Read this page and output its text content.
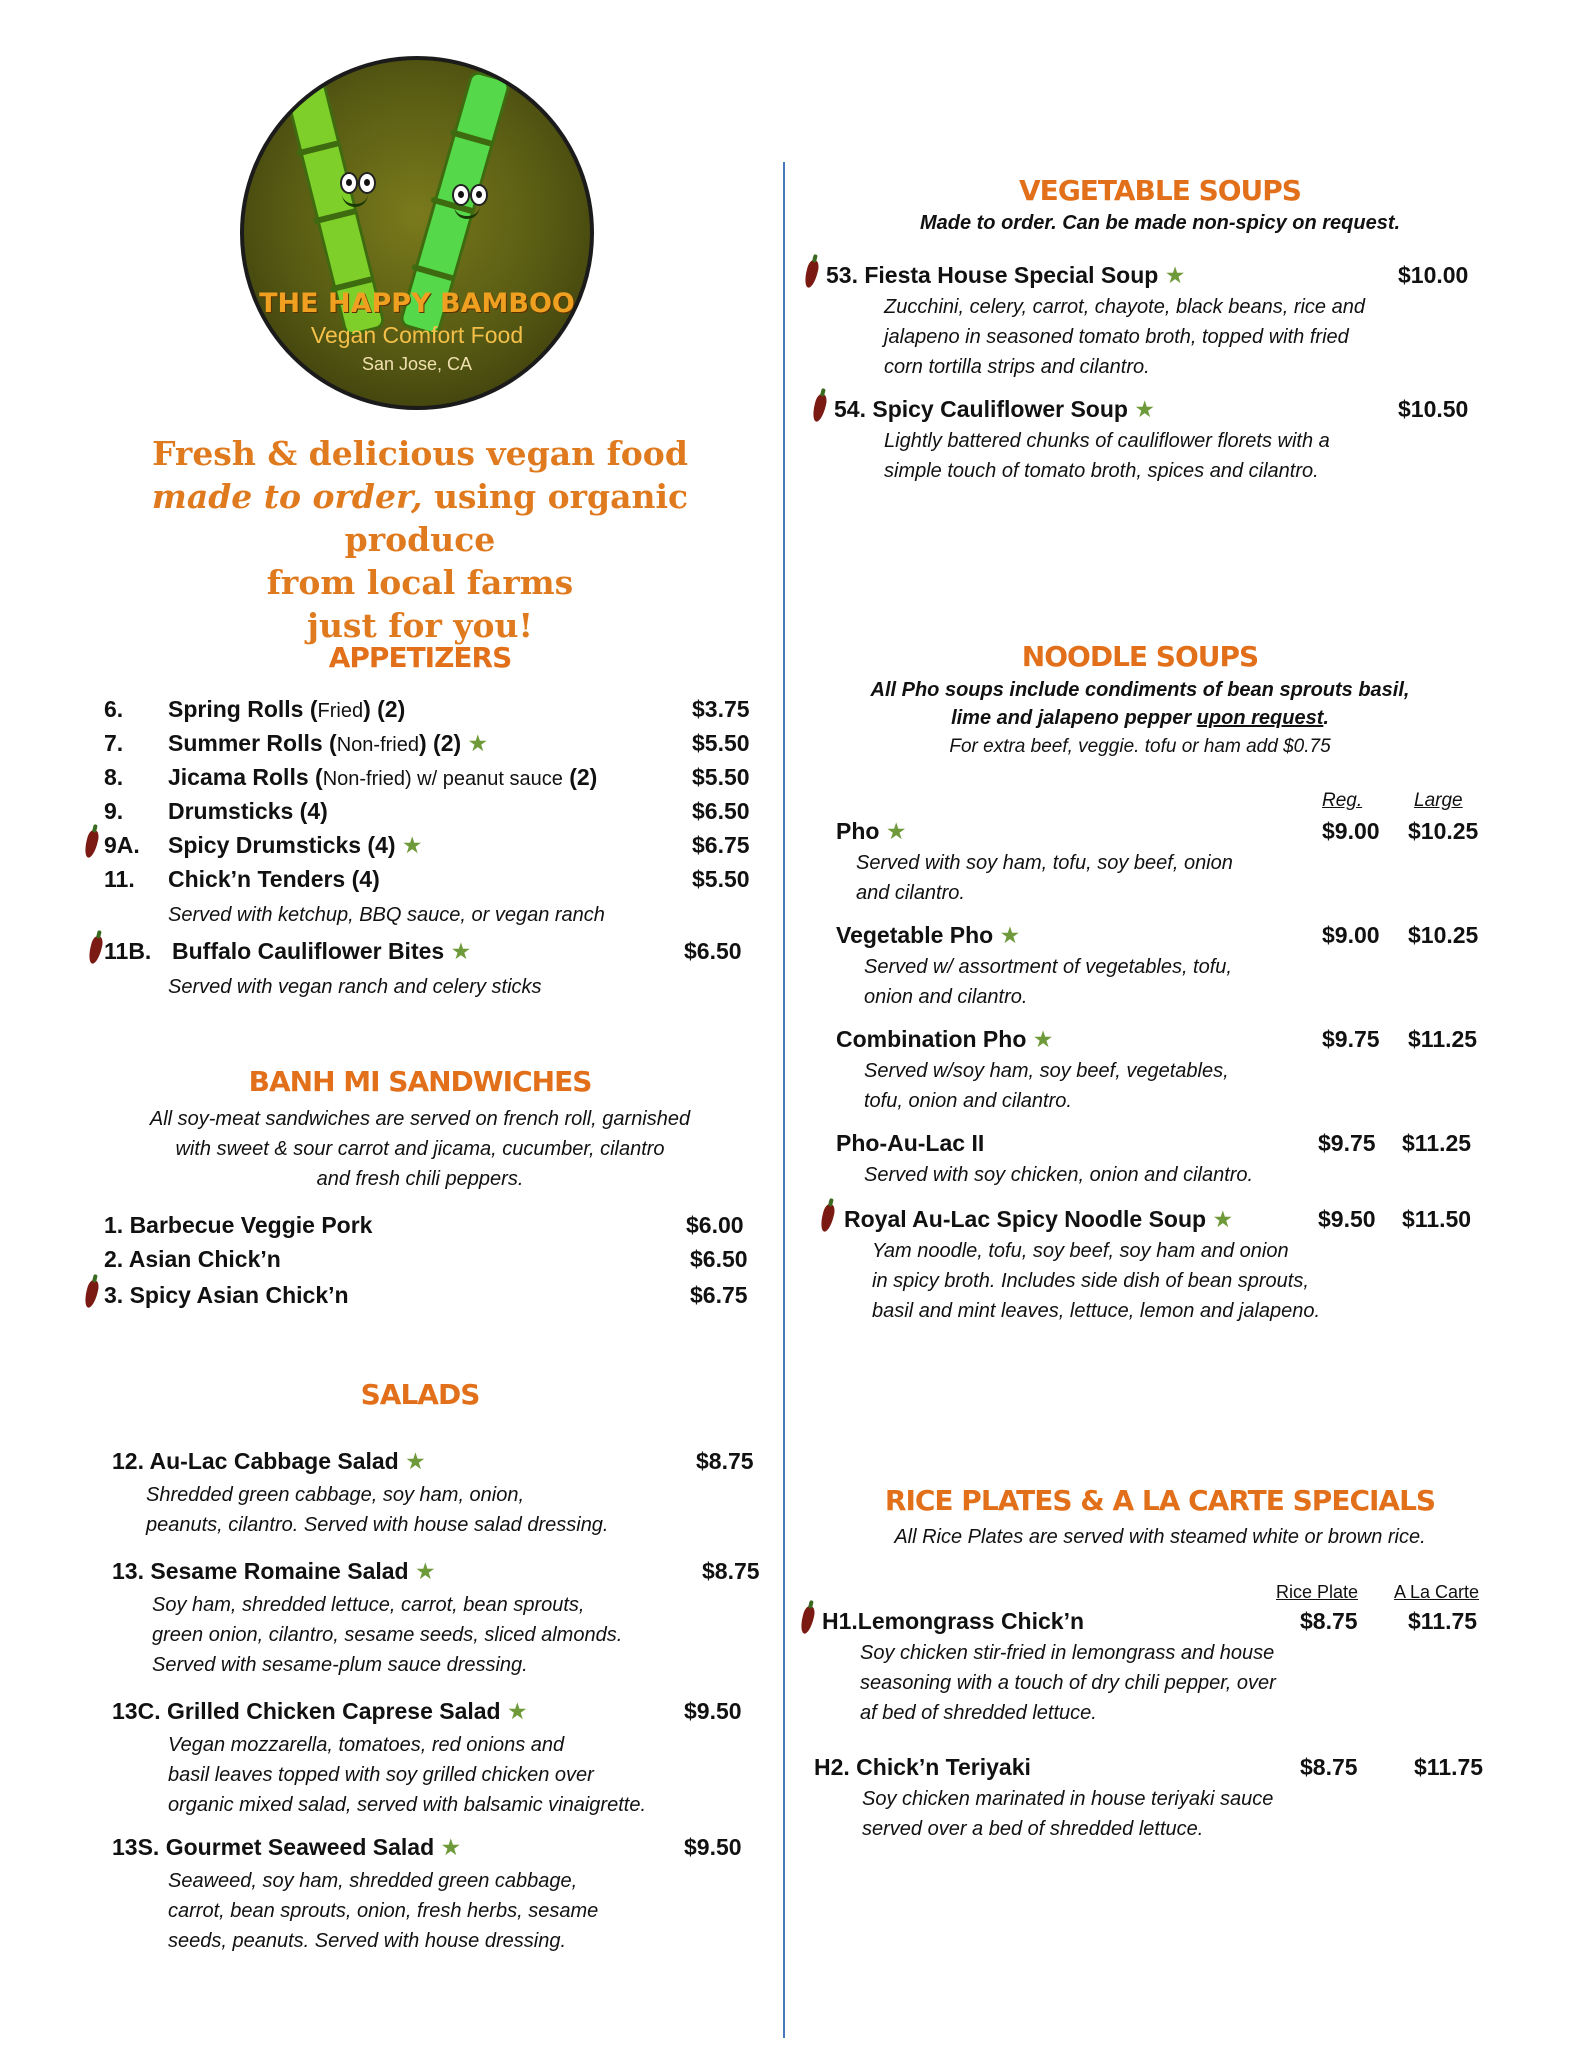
THE HAPPY BAMBOO
Vegan Comfort Food
San Jose, CA
Fresh & delicious vegan food
made to order, using organic produce
from local farms
just for you!
APPETIZERS
6. Spring Rolls (Fried) (2)	$3.75
7. Summer Rolls (Non-fried) (2) ★	$5.50
8. Jicama Rolls (Non-fried) w/ peanut sauce (2)	$5.50
9. Drumsticks (4)	$6.50
9A. Spicy Drumsticks (4) ★	$6.75
11. Chick’n Tenders (4)	$5.50
Served with ketchup, BBQ sauce, or vegan ranch
11B. Buffalo Cauliflower Bites ★	$6.50
Served with vegan ranch and celery sticks
BANH MI SANDWICHES
All soy-meat sandwiches are served on french roll, garnished
with sweet & sour carrot and jicama, cucumber, cilantro
and fresh chili peppers.
1. Barbecue Veggie Pork	$6.00
2. Asian Chick’n	$6.50
3. Spicy Asian Chick’n	$6.75
SALADS
12. Au-Lac Cabbage Salad ★	$8.75
Shredded green cabbage, soy ham, onion,
peanuts, cilantro. Served with house salad dressing.
13. Sesame Romaine Salad ★	$8.75
Soy ham, shredded lettuce, carrot, bean sprouts,
green onion, cilantro, sesame seeds, sliced almonds.
Served with sesame-plum sauce dressing.
13C. Grilled Chicken Caprese Salad ★	$9.50
Vegan mozzarella, tomatoes, red onions and
basil leaves topped with soy grilled chicken over
organic mixed salad, served with balsamic vinaigrette.
13S. Gourmet Seaweed Salad ★	$9.50
Seaweed, soy ham, shredded green cabbage,
carrot, bean sprouts, onion, fresh herbs, sesame
seeds, peanuts. Served with house dressing.
VEGETABLE SOUPS
Made to order. Can be made non-spicy on request.
53. Fiesta House Special Soup ★	$10.00
Zucchini, celery, carrot, chayote, black beans, rice and
jalapeno in seasoned tomato broth, topped with fried
corn tortilla strips and cilantro.
54. Spicy Cauliflower Soup ★	$10.50
Lightly battered chunks of cauliflower florets with a
simple touch of tomato broth, spices and cilantro.
NOODLE SOUPS
All Pho soups include condiments of bean sprouts basil,
lime and jalapeno pepper upon request.
For extra beef, veggie. tofu or ham add $0.75
Reg.	Large
Pho ★	$9.00 $10.25
Served with soy ham, tofu, soy beef, onion
and cilantro.
Vegetable Pho ★	$9.00 $10.25
Served w/ assortment of vegetables, tofu,
onion and cilantro.
Combination Pho ★	$9.75 $11.25
Served w/soy ham, soy beef, vegetables,
tofu, onion and cilantro.
Pho-Au-Lac II	$9.75 $11.25
Served with soy chicken, onion and cilantro.
Royal Au-Lac Spicy Noodle Soup ★	$9.50 $11.50
Yam noodle, tofu, soy beef, soy ham and onion
in spicy broth. Includes side dish of bean sprouts,
basil and mint leaves, lettuce, lemon and jalapeno.
RICE PLATES & A LA CARTE SPECIALS
All Rice Plates are served with steamed white or brown rice.
Rice Plate A La Carte
H1.Lemongrass Chick’n	$8.75 $11.75
Soy chicken stir-fried in lemongrass and house
seasoning with a touch of dry chili pepper, over
af bed of shredded lettuce.
H2. Chick’n Teriyaki	$8.75 $11.75
Soy chicken marinated in house teriyaki sauce
served over a bed of shredded lettuce.
